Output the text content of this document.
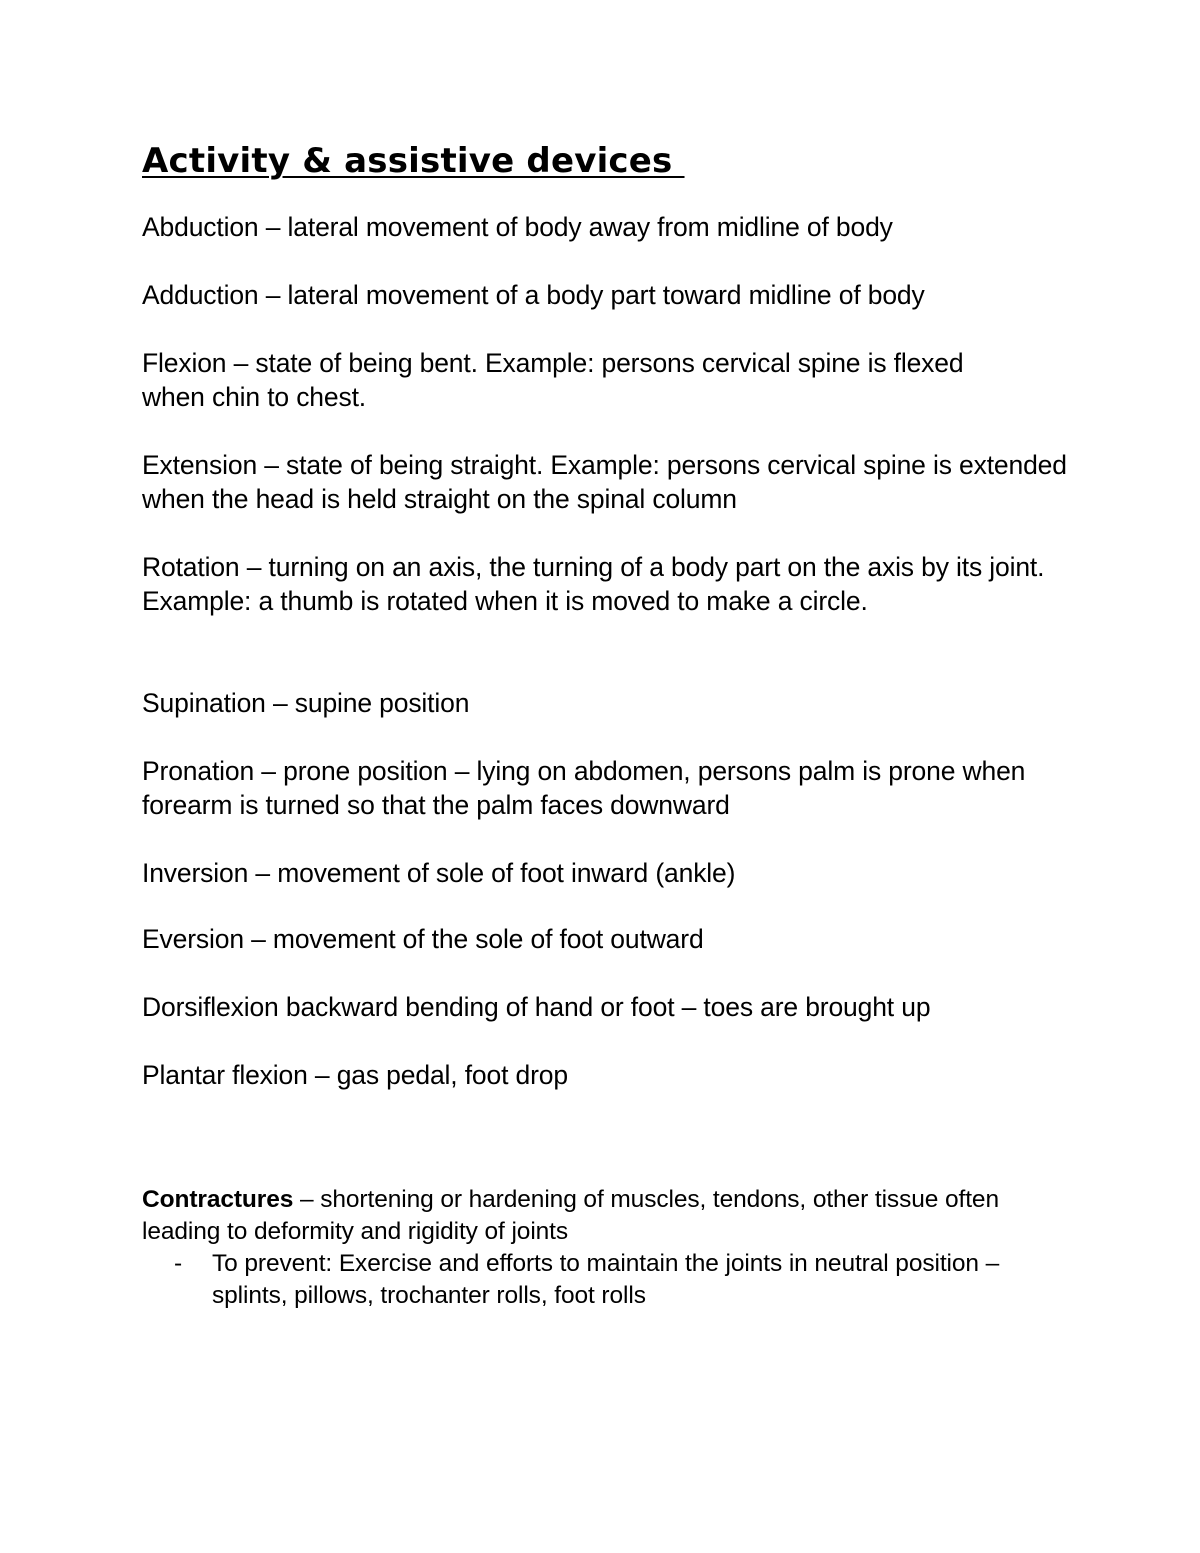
Activity & assistive devices

Abduction – lateral movement of body away from midline of body

Adduction – lateral movement of a body part toward midline of body

Flexion – state of being bent. Example: persons cervical spine is flexed when chin to chest.

Extension – state of being straight. Example: persons cervical spine is extended when the head is held straight on the spinal column

Rotation – turning on an axis, the turning of a body part on the axis by its joint. Example: a thumb is rotated when it is moved to make a circle.

Supination – supine position

Pronation – prone position – lying on abdomen, persons palm is prone when forearm is turned so that the palm faces downward

Inversion – movement of sole of foot inward (ankle)

Eversion – movement of the sole of foot outward

Dorsiflexion backward bending of hand or foot – toes are brought up

Plantar flexion – gas pedal, foot drop

Contractures – shortening or hardening of muscles, tendons, other tissue often leading to deformity and rigidity of joints

- To prevent: Exercise and efforts to maintain the joints in neutral position – splints, pillows, trochanter rolls, foot rolls
